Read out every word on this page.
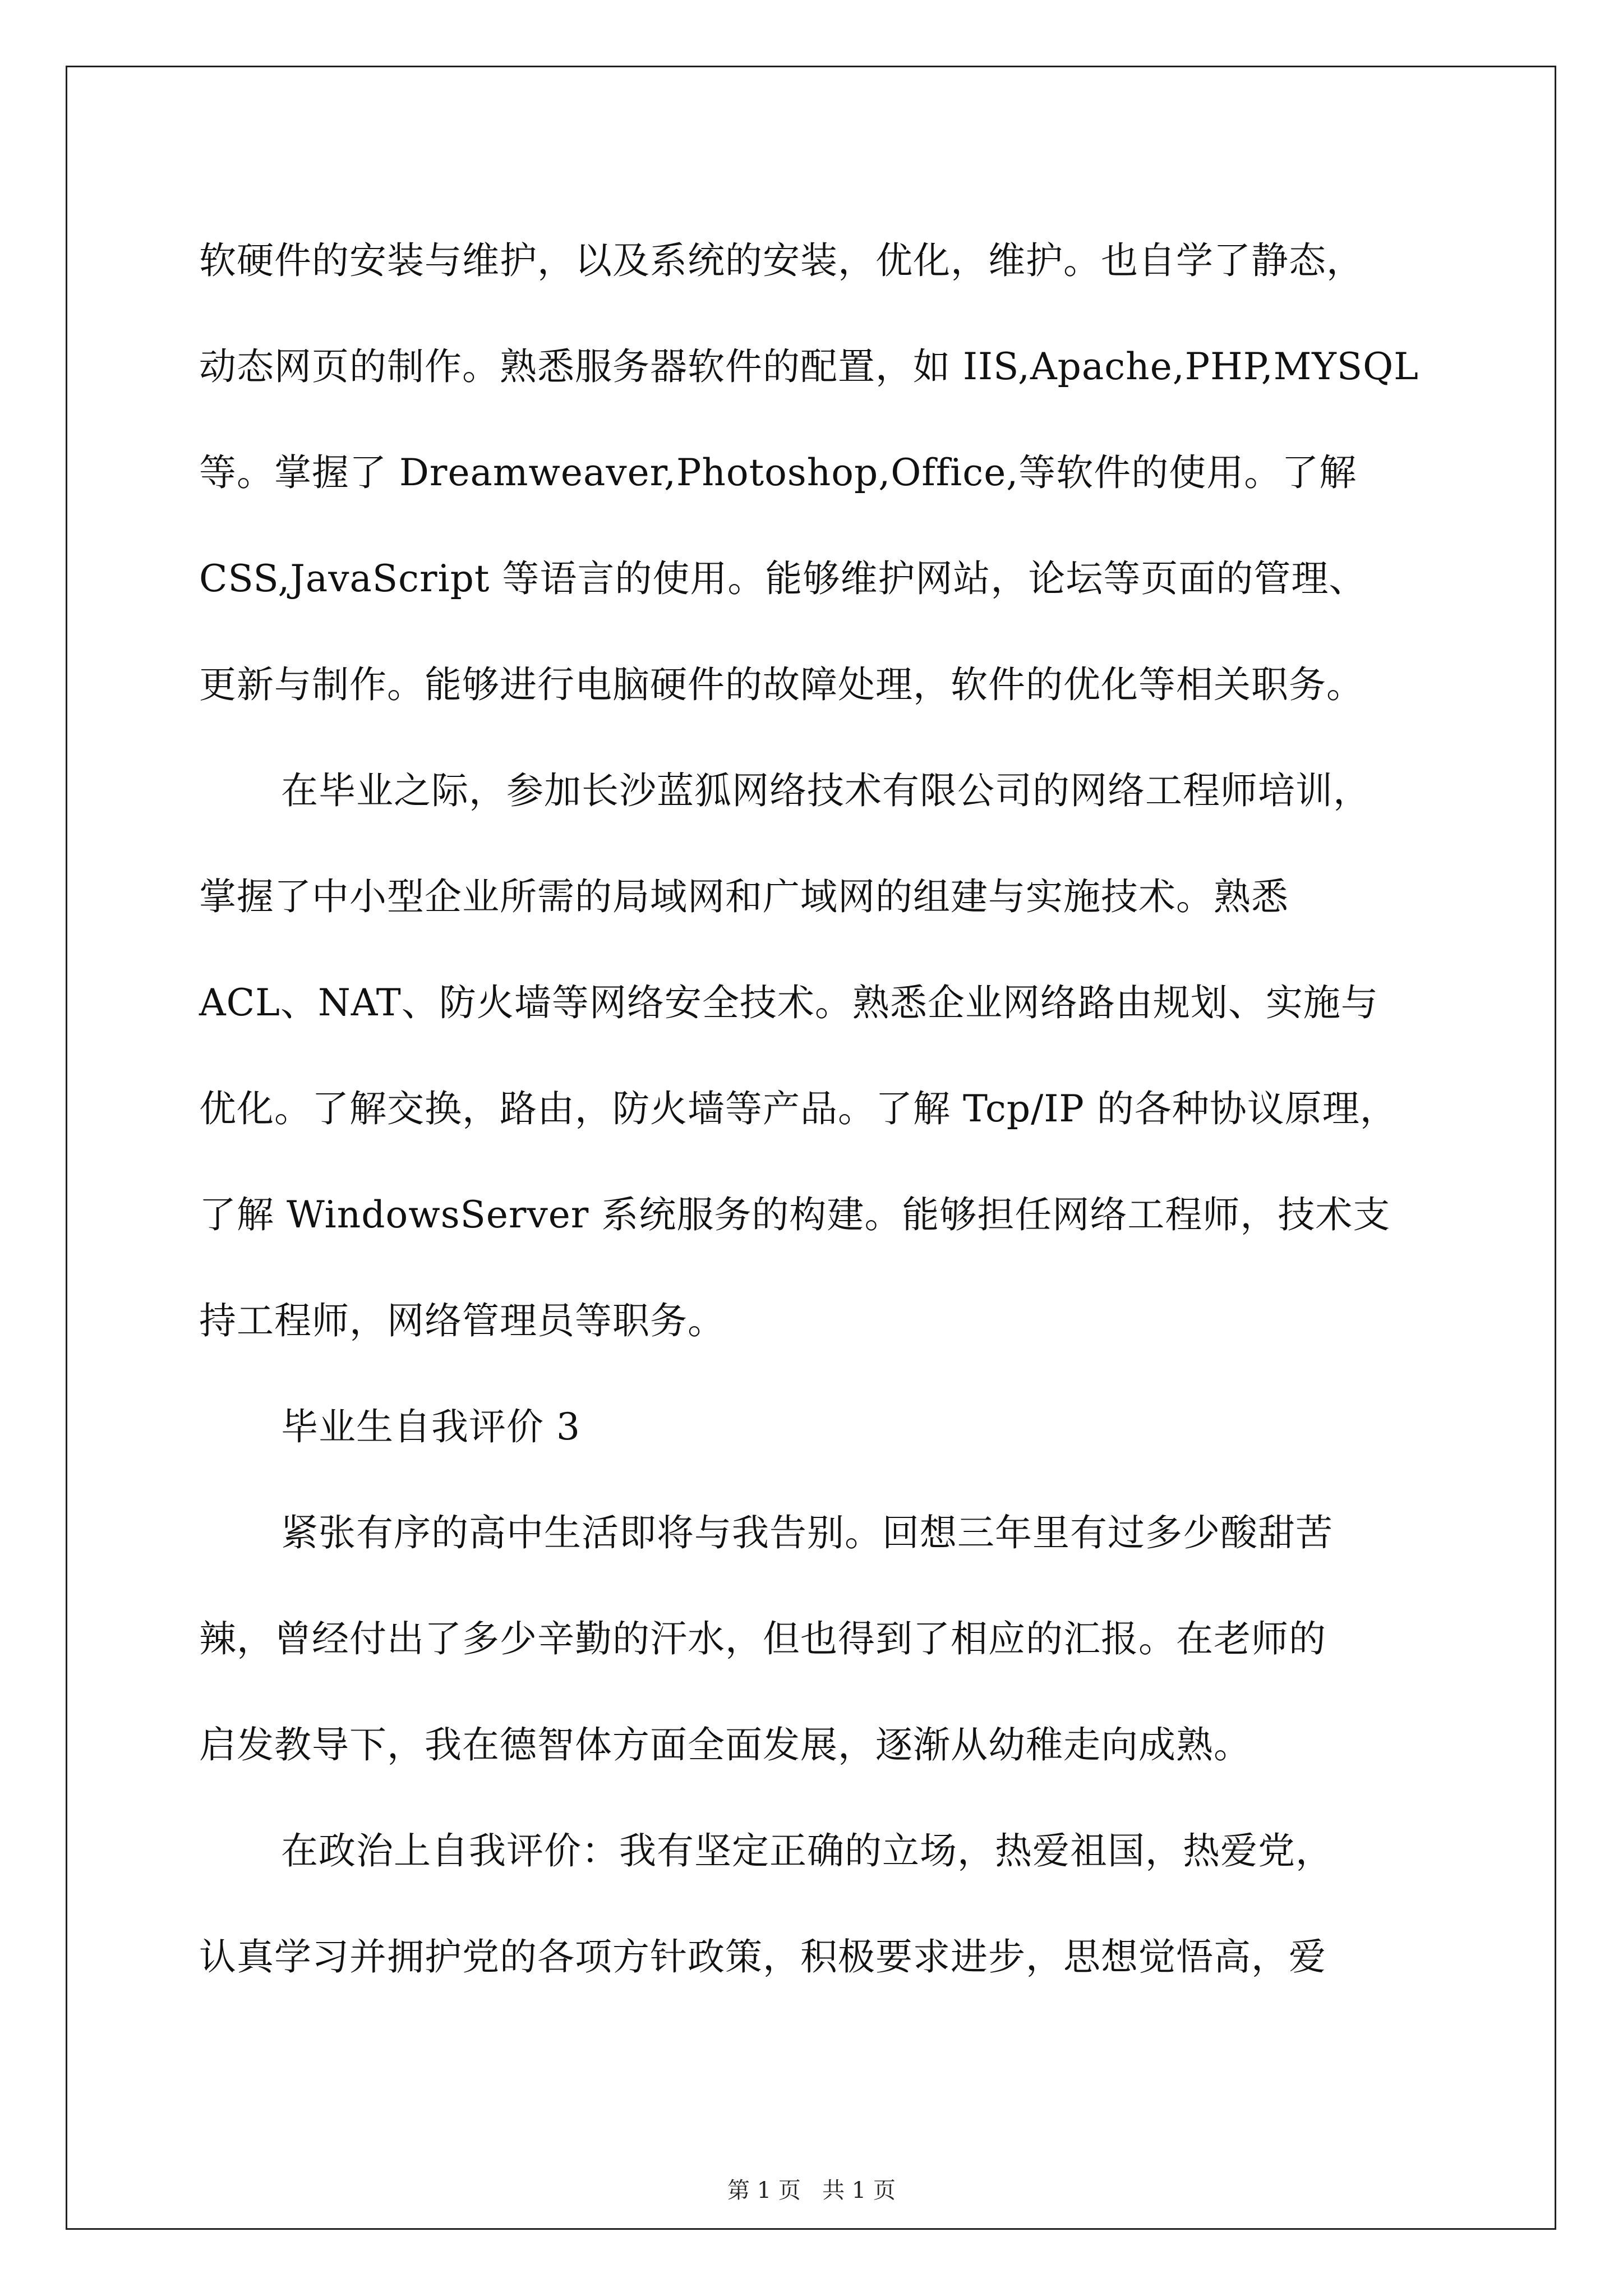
软硬件的安装与维护，以及系统的安装，优化，维护。也自学了静态，

动态网页的制作。熟悉服务器软件的配置，如 IIS,Apache,PHP,MYSQL

等。掌握了 Dreamweaver,Photoshop,Office,等软件的使用。了解

CSS,JavaScript 等语言的使用。能够维护网站，论坛等页面的管理、

更新与制作。能够进行电脑硬件的故障处理，软件的优化等相关职务。

在毕业之际，参加长沙蓝狐网络技术有限公司的网络工程师培训，

掌握了中小型企业所需的局域网和广域网的组建与实施技术。熟悉

ACL、NAT、防火墙等网络安全技术。熟悉企业网络路由规划、实施与

优化。了解交换，路由，防火墙等产品。了解 Tcp/IP 的各种协议原理，

了解 WindowsServer 系统服务的构建。能够担任网络工程师，技术支

持工程师，网络管理员等职务。

毕业生自我评价 3

紧张有序的高中生活即将与我告别。回想三年里有过多少酸甜苦

辣，曾经付出了多少辛勤的汗水，但也得到了相应的汇报。在老师的

启发教导下，我在德智体方面全面发展，逐渐从幼稚走向成熟。

在政治上自我评价：我有坚定正确的立场，热爱祖国，热爱党，

认真学习并拥护党的各项方针政策，积极要求进步，思想觉悟高，爱

第 1 页 共 1 页
